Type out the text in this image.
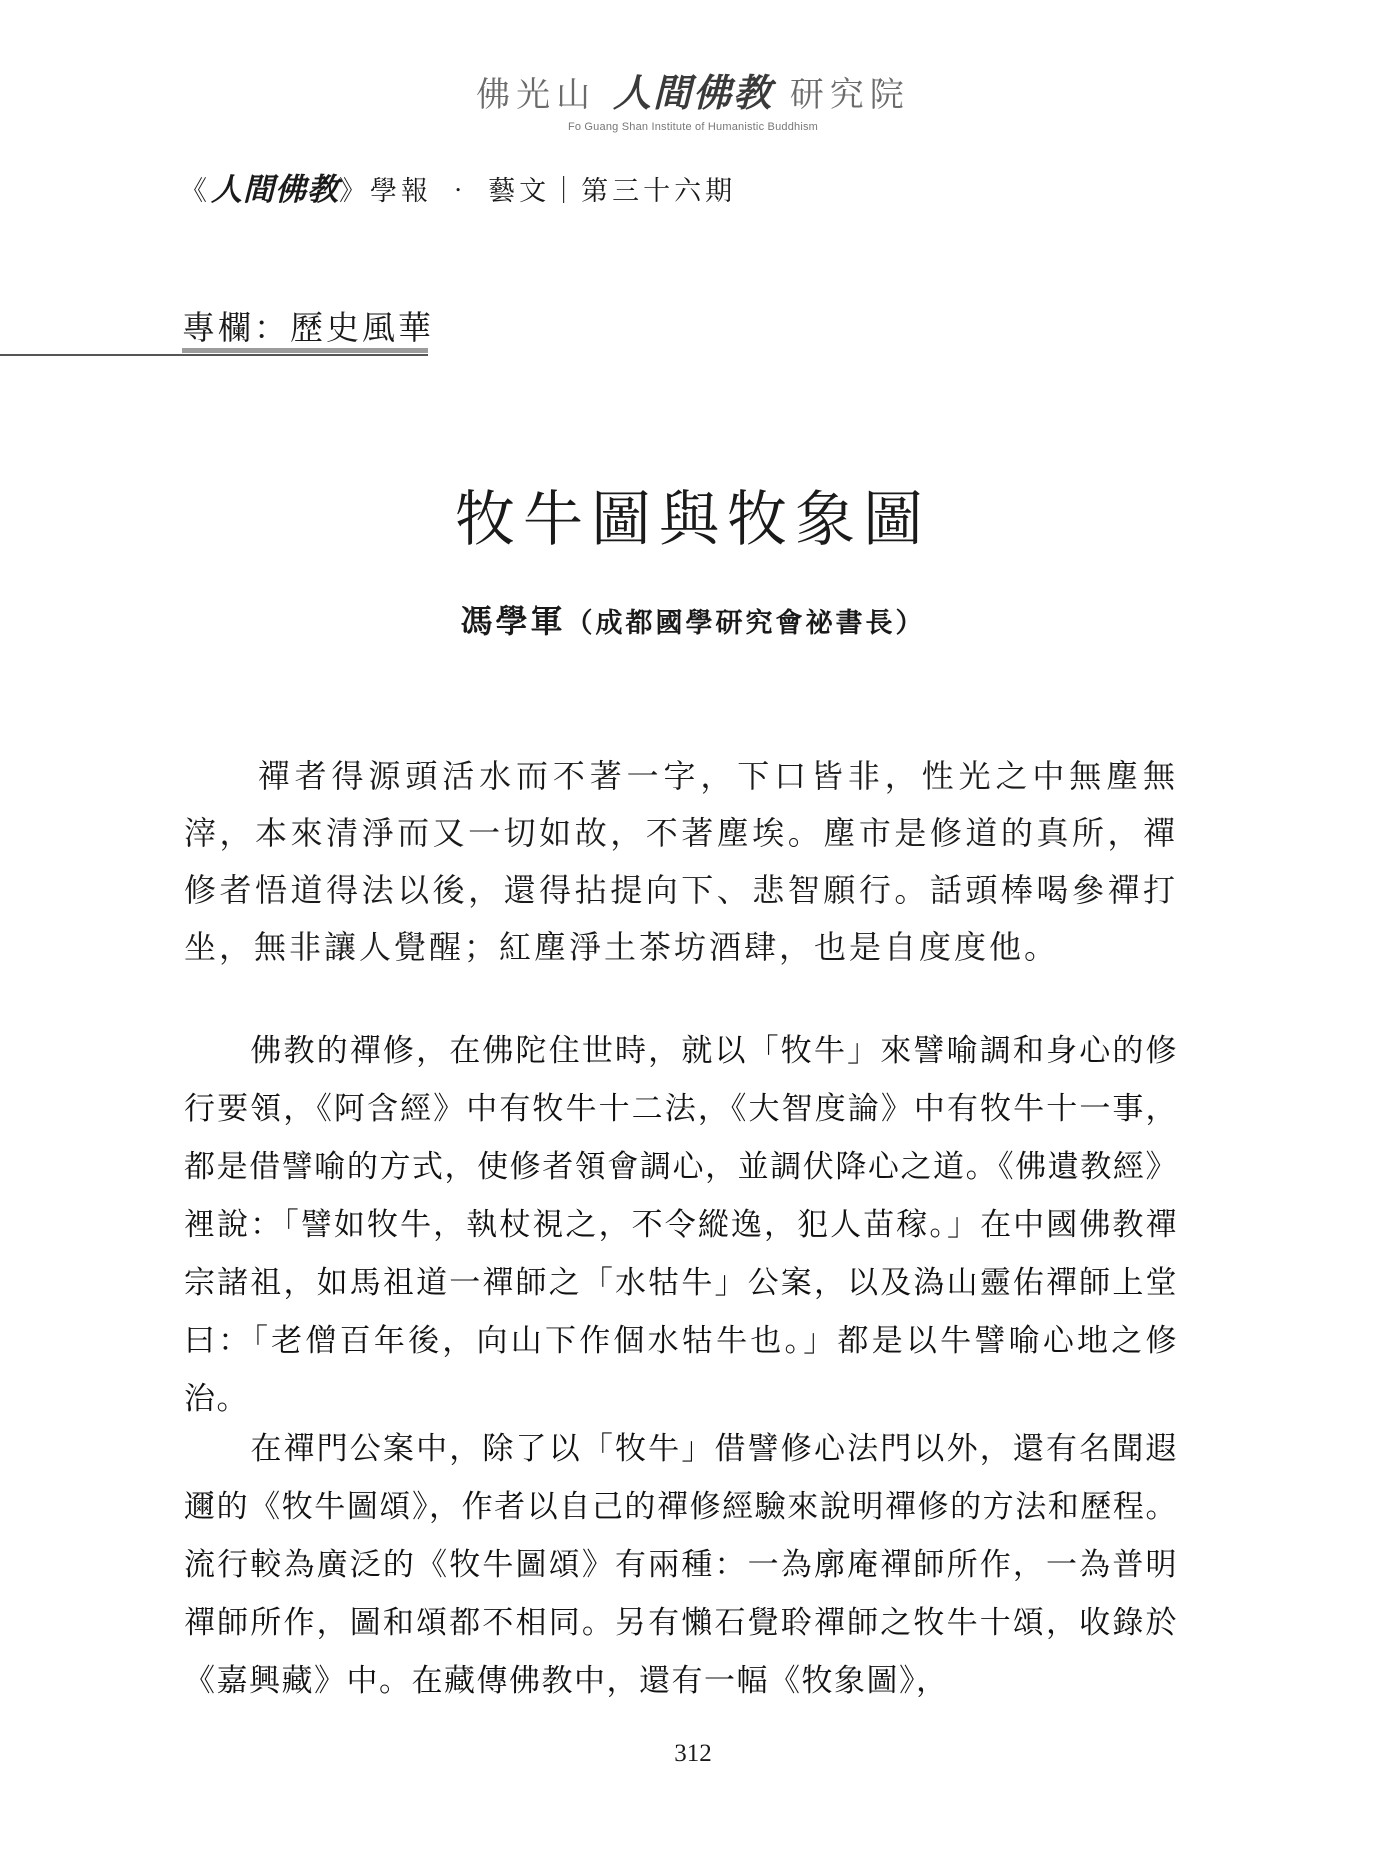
佛光山 人間佛教 研究院
Fo Guang Shan Institute of Humanistic Buddhism
《人間佛教》學報 ‧ 藝文｜第三十六期
專欄：歷史風華
牧牛圖與牧象圖
馮學軍（成都國學研究會祕書長）

　　禪者得源頭活水而不著一字，下口皆非，性光之中無塵無滓，本來清淨而又一切如故，不著塵埃。塵市是修道的真所，禪修者悟道得法以後，還得拈提向下、悲智願行。話頭棒喝參禪打坐，無非讓人覺醒；紅塵淨土茶坊酒肆，也是自度度他。

　　佛教的禪修，在佛陀住世時，就以「牧牛」來譬喻調和身心的修行要領，《阿含經》中有牧牛十二法，《大智度論》中有牧牛十一事，都是借譬喻的方式，使修者領會調心，並調伏降心之道。《佛遺教經》裡說：「譬如牧牛，執杖視之，不令縱逸，犯人苗稼。」在中國佛教禪宗諸祖，如馬祖道一禪師之「水牯牛」公案，以及溈山靈佑禪師上堂曰：「老僧百年後，向山下作個水牯牛也。」都是以牛譬喻心地之修治。

　　在禪門公案中，除了以「牧牛」借譬修心法門以外，還有名聞遐邇的《牧牛圖頌》，作者以自己的禪修經驗來說明禪修的方法和歷程。流行較為廣泛的《牧牛圖頌》有兩種：一為廓庵禪師所作，一為普明禪師所作，圖和頌都不相同。另有懶石覺聆禪師之牧牛十頌，收錄於《嘉興藏》中。在藏傳佛教中，還有一幅《牧象圖》，

312
